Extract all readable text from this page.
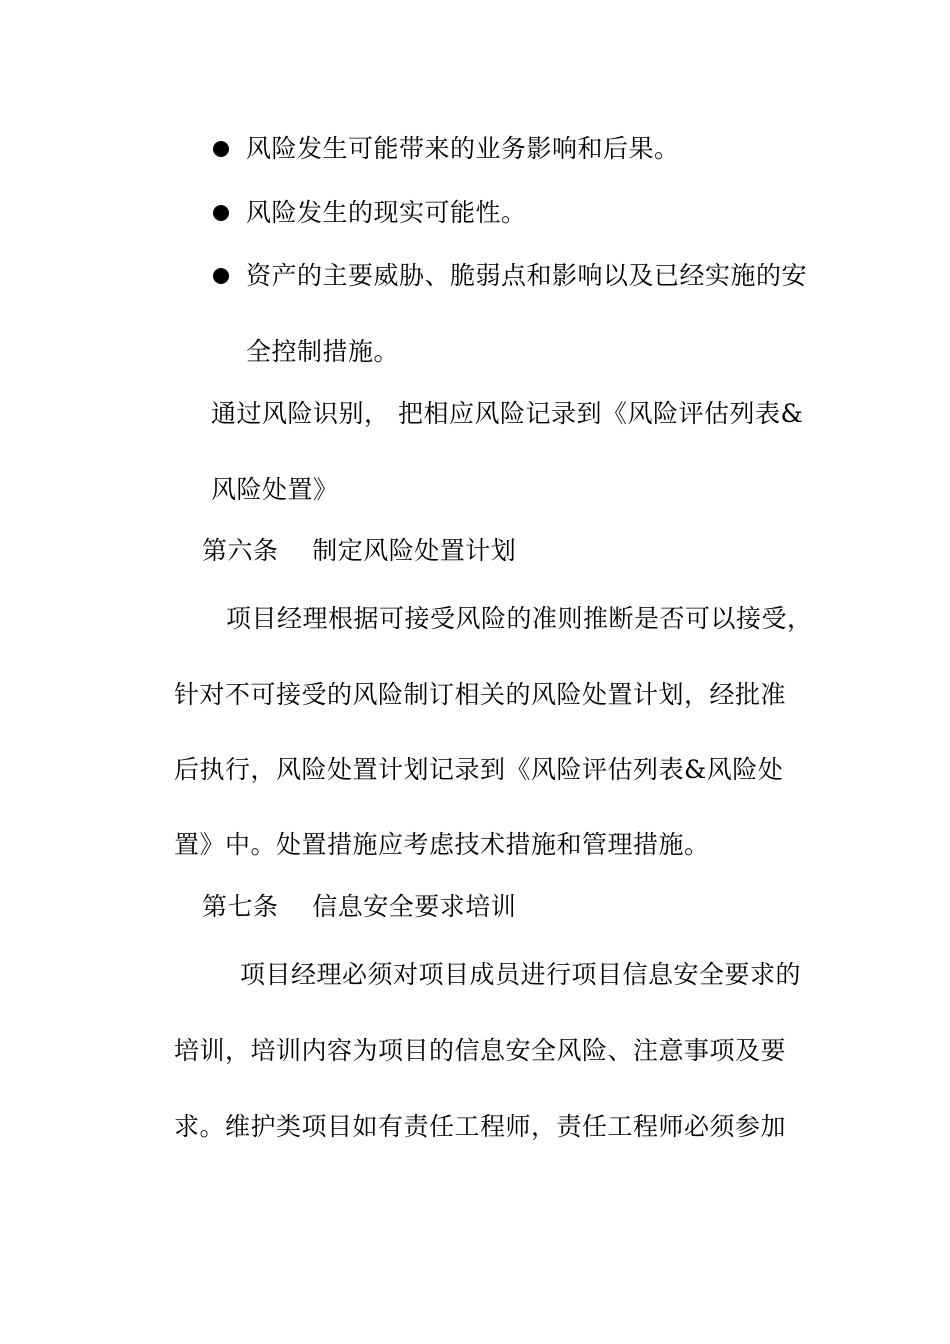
风险发生可能带来的业务影响和后果。
风险发生的现实可能性。
资产的主要威胁、脆弱点和影响以及已经实施的安
全控制措施。
通过风险识别， 把相应风险记录到《风险评估列表&
风险处置》
第六条    制定风险处置计划
项目经理根据可接受风险的准则推断是否可以接受，
针对不可接受的风险制订相关的风险处置计划，经批准
后执行，风险处置计划记录到《风险评估列表&风险处
置》中。处置措施应考虑技术措施和管理措施。
第七条    信息安全要求培训
项目经理必须对项目成员进行项目信息安全要求的
培训，培训内容为项目的信息安全风险、注意事项及要
求。维护类项目如有责任工程师，责任工程师必须参加
